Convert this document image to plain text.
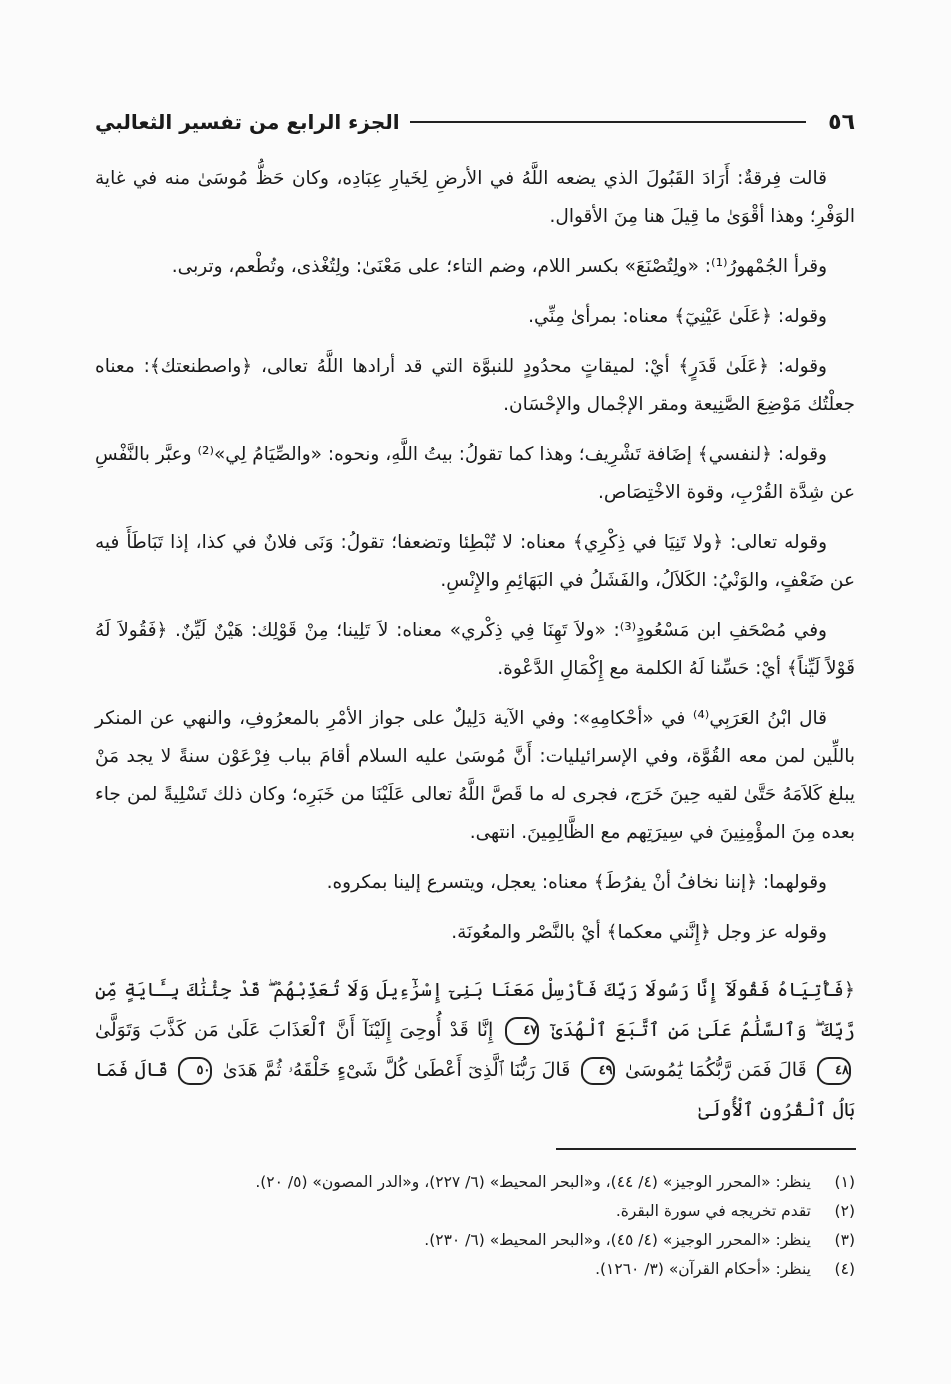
٥٦
الجزء الرابع من تفسير الثعالبي

قالت فِرقةٌ: أَرَادَ القَبُولَ الذي يضعه اللَّهُ في الأرضِ لِخَيارِ عِبَادِه، وكان حَظُّ مُوسَىٰ منه في غاية الوَفْرِ؛ وهذا أقْوَىٰ ما قِيلَ هنا مِنَ الأقوال.

وقرأ الجُمْهورُ⁽¹⁾: «ولِتُصْنَعَ» بكسر اللام، وضم التاء؛ على مَعْنَىٰ: ولِتُغْذى، وتُطْعم، وتربى.

وقوله: ﴿عَلَىٰ عَيْنِيٓ﴾ معناه: بمرأىٰ مِنِّي.

وقوله: ﴿عَلَىٰ قَدَرٍ﴾ أيْ: لميقاتٍ محدُودٍ للنبوَّة التي قد أرادها اللَّهُ تعالى، ﴿واصطنعتك﴾: معناه جعلْتُك مَوْضِعَ الصَّنِيعة ومقر الإجْمال والإحْسَان.

وقوله: ﴿لنفسي﴾ إضَافة تَشْرِيف؛ وهذا كما تقولُ: بيتُ اللَّهِ، ونحوه: «والصِّيَامُ لِي»⁽²⁾ وعبَّر بالنَّفْسِ عن شِدَّة القُرْبِ، وقوة الاخْتِصَاص.

وقوله تعالى: ﴿ولا تَنِيَا في ذِكْرِي﴾ معناه: لا تُبْطِئا وتضعفا؛ تقولُ: وَنَى فلانٌ في كذا، إذا تَبَاطَأَ فيه عن ضَعْفٍ، والوَنْيُ: الكَلاَلُ، والفَشَلُ في البَهَائِمِ والإِنْسِ.

وفي مُصْحَفِ ابن مَسْعُودٍ⁽³⁾: «ولاَ تَهِنَا فِي ذِكْري» معناه: لاَ تَلِينا؛ مِنْ قَوْلِك: هَيْنٌ لَيِّنٌ. ﴿فَقُولاَ لَهُ قَوْلاً لَيِّناً﴾ أيْ: حَسِّنا لَهُ الكلمة مع إِكْمَالِ الدَّعْوة.

قال ابْنُ العَرَبِي⁽⁴⁾ في «أحْكامِهِ»: وفي الآية دَلِيلٌ على جواز الأمْرِ بالمعرُوفِ، والنهي عن المنكر باللِّين لمن معه القُوَّة، وفي الإسرائيليات: أَنَّ مُوسَىٰ عليه السلام أقامَ بباب فِرْعَوْن سنةً لا يجد مَنْ يبلغ كَلاَمَهُ حَتَّىٰ لقيه حِينَ خَرَج، فجرى له ما قَصَّ اللَّهُ تعالى عَلَيْنَا من خَبَرِه؛ وكان ذلك تَسْلِيةً لمن جاء بعده مِنَ المؤْمِنِينَ في سِيرَتِهم مع الظَّالِمِينَ. انتهى.

وقولهما: ﴿إننا نخافُ أنْ يفرُطَ﴾ معناه: يعجل، ويتسرع إلينا بمكروه.

وقوله عز وجل ﴿إِنَّني معكما﴾ أيْ بالنَّصْر والمعُونَة.

﴿فَأْتِيَاهُ فَقُولَآ إِنَّا رَسُولَا رَبِّكَ فَأَرْسِلْ مَعَنَا بَنِىٓ إِسْرَٰٓءِيلَ وَلَا تُعَذِّبْهُمْ ۖ قَدْ جِئْنَٰكَ بِـَٔايَةٍ مِّن رَّبِّكَ ۖ وَٱلسَّلَٰمُ عَلَىٰ مَنِ ٱتَّبَعَ ٱلْهُدَىٰٓ ٤٧ إِنَّا قَدْ أُوحِىَ إِلَيْنَآ أَنَّ ٱلْعَذَابَ عَلَىٰ مَن كَذَّبَ وَتَوَلَّىٰ ٤٨ قَالَ فَمَن رَّبُّكُمَا يَٰمُوسَىٰ ٤٩ قَالَ رَبُّنَا ٱلَّذِىٓ أَعْطَىٰ كُلَّ شَىْءٍ خَلْقَهُۥ ثُمَّ هَدَىٰ ٥٠ قَالَ فَمَا بَالُ ٱلْقُرُونِ ٱلْأُولَىٰ
(١)
ينظر: «المحرر الوجيز» (٤/ ٤٤)، و«البحر المحيط» (٦/ ٢٢٧)، و«الدر المصون» (٥/ ٢٠).
(٢)
تقدم تخريجه في سورة البقرة.
(٣)
ينظر: «المحرر الوجيز» (٤/ ٤٥)، و«البحر المحيط» (٦/ ٢٣٠).
(٤)
ينظر: «أحكام القرآن» (٣/ ١٢٦٠).
